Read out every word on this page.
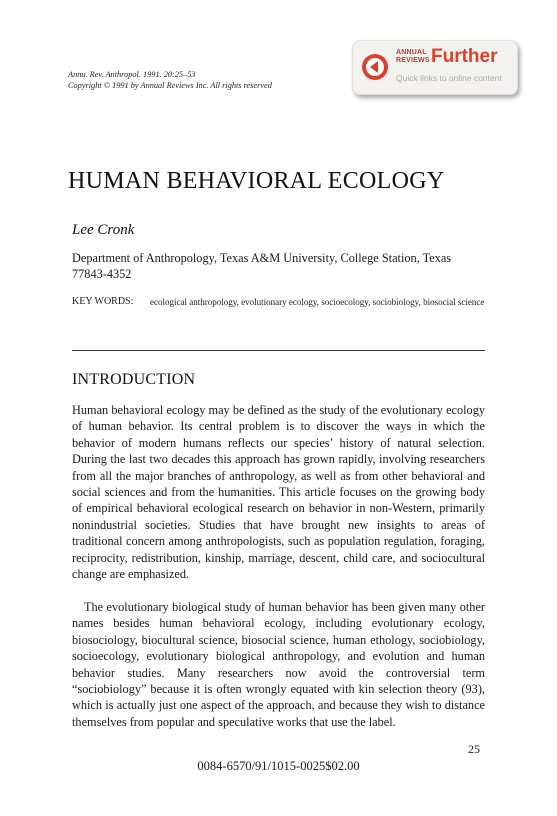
Annu. Rev. Anthropol. 1991. 20:25–53
Copyright © 1991 by Annual Reviews Inc. All rights reserved
ANNUAL
REVIEWS Further
Quick links to online content
HUMAN BEHAVIORAL ECOLOGY
Lee Cronk
Department of Anthropology, Texas A&M University, College Station, Texas 77843-4352
KEY WORDS: ecological anthropology, evolutionary ecology, socioecology, sociobiology, biosocial science
INTRODUCTION
Human behavioral ecology may be defined as the study of the evolutionary ecology of human behavior. Its central problem is to discover the ways in which the behavior of modern humans reflects our species’ history of natural selection. During the last two decades this approach has grown rapidly, involving researchers from all the major branches of anthropology, as well as from other behavioral and social sciences and from the humanities. This article focuses on the growing body of empirical behavioral ecological research on behavior in non-Western, primarily nonindustrial societies. Studies that have brought new insights to areas of traditional concern among anthropologists, such as population regulation, foraging, reciprocity, redistribution, kinship, marriage, descent, child care, and sociocultural change are emphasized.
The evolutionary biological study of human behavior has been given many other names besides human behavioral ecology, including evolutionary ecology, biosociology, biocultural science, biosocial science, human ethology, sociobiology, socioecology, evolutionary biological anthropology, and evolution and human behavior studies. Many researchers now avoid the controversial term “sociobiology” because it is often wrongly equated with kin selection theory (93), which is actually just one aspect of the approach, and because they wish to distance themselves from popular and speculative works that use the label.
25
0084-6570/91/1015-0025$02.00
